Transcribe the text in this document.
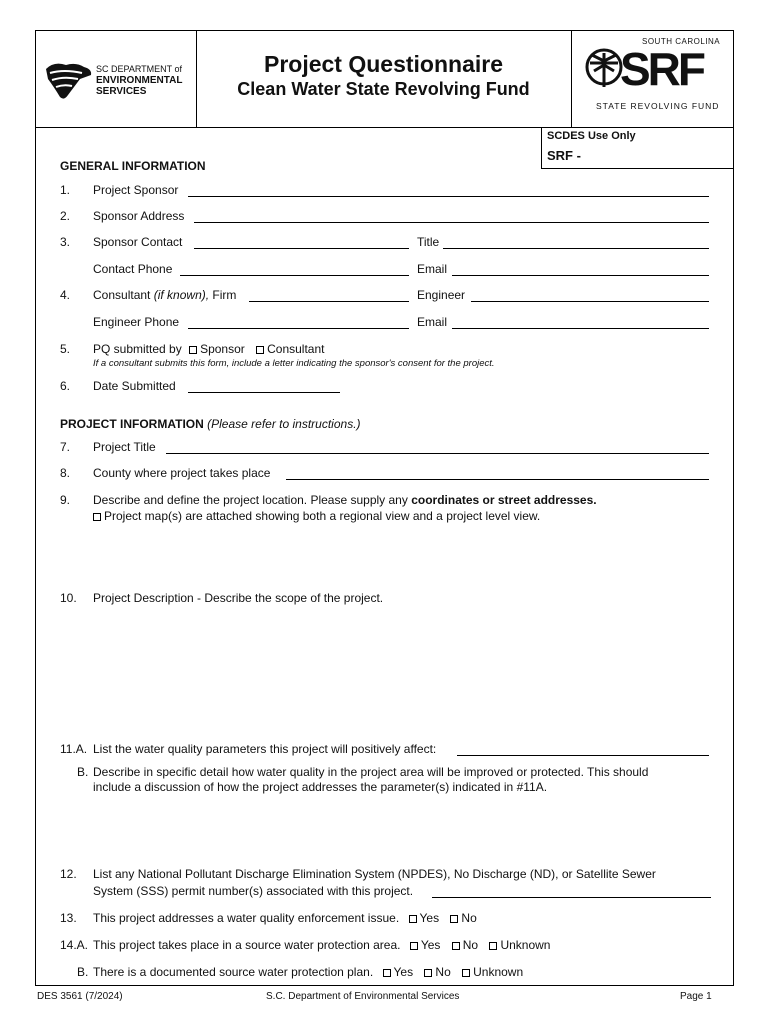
SC DEPARTMENT of
ENVIRONMENTAL
SERVICES
Project Questionnaire
Clean Water State Revolving Fund
SOUTH CAROLINA
SRF
STATE REVOLVING FUND
SCDES Use Only
SRF -
GENERAL INFORMATION
1. Project Sponsor
2. Sponsor Address
3. Sponsor Contact	Title
Contact Phone	Email
4. Consultant (if known), Firm	Engineer
Engineer Phone	Email
5. PQ submitted by Sponsor Consultant
If a consultant submits this form, include a letter indicating the sponsor's consent for the project.
6. Date Submitted
PROJECT INFORMATION (Please refer to instructions.)
7. Project Title
8. County where project takes place
9. Describe and define the project location. Please supply any coordinates or street addresses.
Project map(s) are attached showing both a regional view and a project level view.
10. Project Description - Describe the scope of the project.
11.A. List the water quality parameters this project will positively affect:
B. Describe in specific detail how water quality in the project area will be improved or protected. This should
include a discussion of how the project addresses the parameter(s) indicated in #11A.
12. List any National Pollutant Discharge Elimination System (NPDES), No Discharge (ND), or Satellite Sewer
System (SSS) permit number(s) associated with this project.
13. This project addresses a water quality enforcement issue. Yes No
14.A. This project takes place in a source water protection area. Yes No Unknown
B. There is a documented source water protection plan. Yes No Unknown
DES 3561 (7/2024)	S.C. Department of Environmental Services	Page 1
